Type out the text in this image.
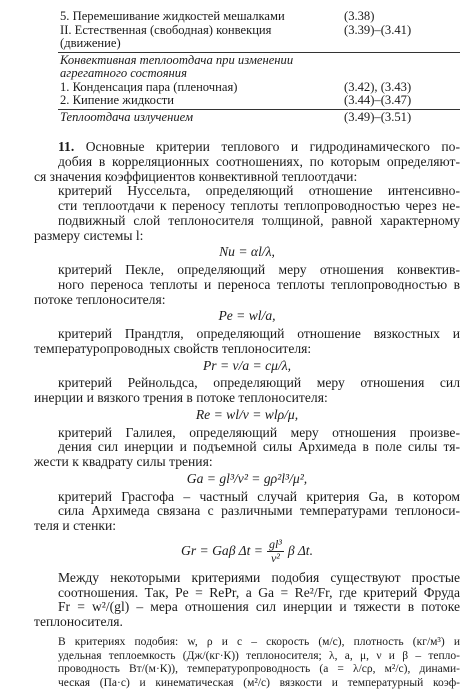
5. Перемешивание жидкостей мешалками	(3.38)
II. Естественная (свободная) конвекция	(3.39)–(3.41)
(движение)
Конвективная теплоотдача при изменении
агрегатного состояния
1. Конденсация пара (пленочная)	(3.42), (3.43)
2. Кипение жидкости	(3.44)–(3.47)
Теплоотдача излучением	(3.49)–(3.51)

11. Основные критерии теплового и гидродинамического по-
добия в корреляционных соотношениях, по которым определяют-
ся значения коэффициентов конвективной теплоотдачи:

критерий Нуссельта, определяющий отношение интенсивно-
сти теплоотдачи к переносу теплоты теплопроводностью через не-
подвижный слой теплоносителя толщиной, равной характерному
размеру системы l:

Nu = αl/λ,

критерий Пекле, определяющий меру отношения конвектив-
ного переноса теплоты и переноса теплоты теплопроводностью в
потоке теплоносителя:

Pe = wl/a,

критерий Прандтля, определяющий отношение вязкостных и
температуропроводных свойств теплоносителя:

Pr = ν/a = cμ/λ,

критерий Рейнольдса, определяющий меру отношения сил
инерции и вязкого трения в потоке теплоносителя:

Re = wl/ν = wlρ/μ,

критерий Галилея, определяющий меру отношения произве-
дения сил инерции и подъемной силы Архимеда в поле силы тя-
жести к квадрату силы трения:

Ga = gl³/ν² = gρ²l³/μ²,

критерий Грасгофа – частный случай критерия Ga, в котором
сила Архимеда связана с различными температурами теплоноси-
теля и стенки:

Gr = Gaβ $\Delta t = \frac{\text{gl³}}{\text{ν²}}$ β Δt.

Между некоторыми критериями подобия существуют простые
соотношения. Так, Pe = RePr, а Ga = Re²/Fr, где критерий Фруда
Fr = w²/(gl) – мера отношения сил инерции и тяжести в потоке
теплоносителя.

В критериях подобия: w, ρ и c – скорость (м/с), плотность (кг/м³) и
удельная теплоемкость (Дж/(кг·К)) теплоносителя; λ, a, μ, ν и β – тепло-
проводность Вт/(м·К)), температуропроводность (a = λ/cρ, м²/с), динами-
ческая (Па·с) и кинематическая (м²/с) вязкости и температурный коэф-
